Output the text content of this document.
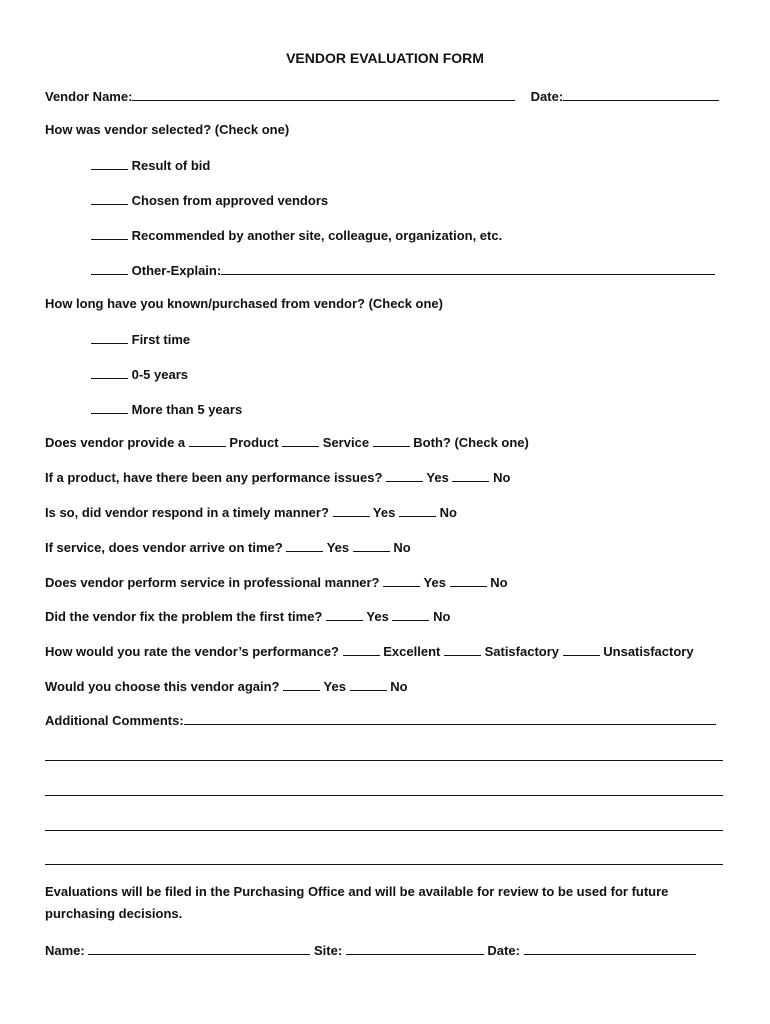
VENDOR EVALUATION FORM
Vendor Name:	Date:
How was vendor selected? (Check one)
Result of bid
Chosen from approved vendors
Recommended by another site, colleague, organization, etc.
Other-Explain:
How long have you known/purchased from vendor? (Check one)
First time
0-5 years
More than 5 years
Does vendor provide a	Product	Service	Both? (Check one)
If a product, have there been any performance issues?	Yes	No
Is so, did vendor respond in a timely manner?	Yes	No
If service, does vendor arrive on time?	Yes	No
Does vendor perform service in professional manner?	Yes	No
Did the vendor fix the problem the first time?	Yes	No
How would you rate the vendor’s performance?	Excellent	Satisfactory	Unsatisfactory
Would you choose this vendor again?	Yes	No
Additional Comments:
Evaluations will be filed in the Purchasing Office and will be available for review to be used for future purchasing decisions.
Name:	Site:	Date:
